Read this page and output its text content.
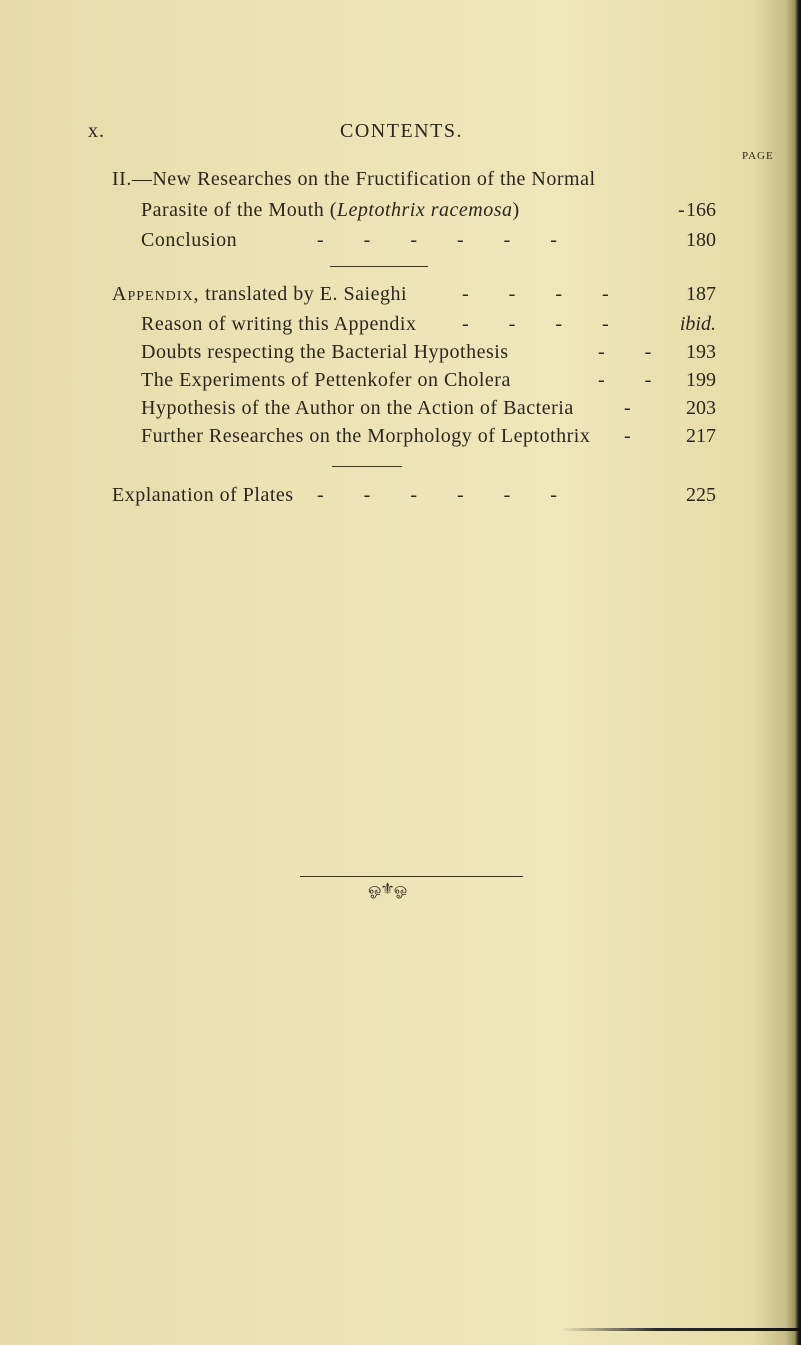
x.	CONTENTS.
PAGE
II.—New Researches on the Fructification of the Normal
Parasite of the Mouth (Leptothrix racemosa)	- 166
Conclusion	-        -        -        -        -        -	180
Appendix, translated by E. Saieghi	-        -        -        -	187
Reason of writing this Appendix -        -        -        -	ibid.
Doubts respecting the Bacterial Hypothesis	-        -	193
The Experiments of Pettenkofer on Cholera	-        -	199
Hypothesis of the Author on the Action of Bacteria	-	203
Further Researches on the Morphology of Leptothrix -	217
Explanation of Plates -        -        -        -        -        -	225
ஓ⚜ஓ
